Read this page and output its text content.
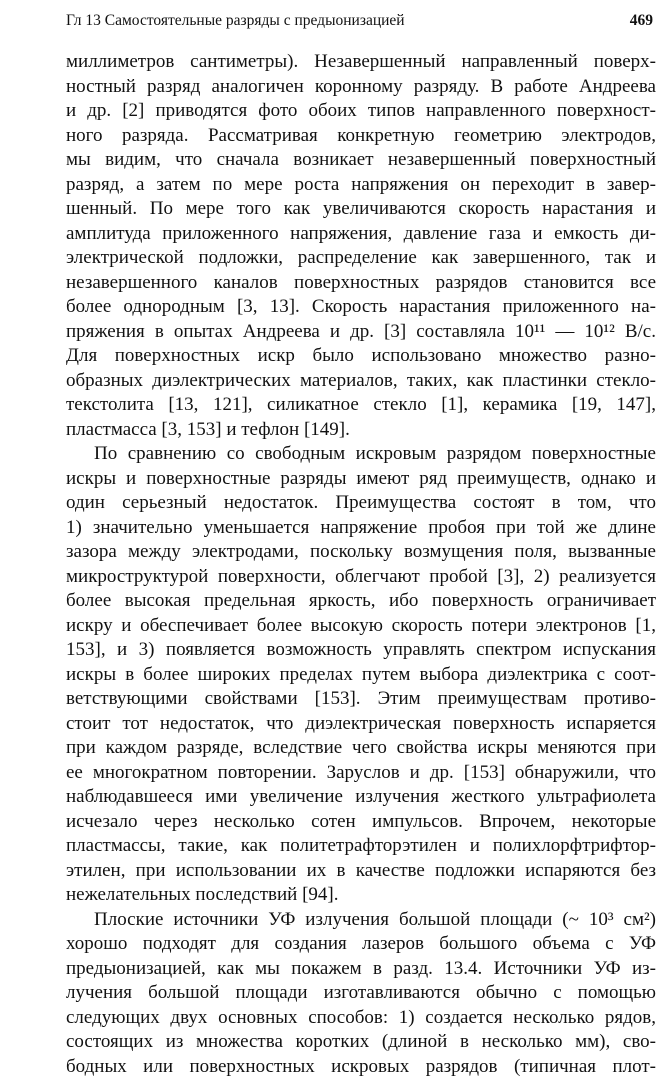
Гл 13 Самостоятельные разряды с предыонизацией	469
миллиметров сантиметры). Незавершенный направленный поверх-
ностный разряд аналогичен коронному разряду. В работе Андреева
и др. [2] приводятся фото обоих типов направленного поверхност-
ного разряда. Рассматривая конкретную геометрию электродов,
мы видим, что сначала возникает незавершенный поверхностный
разряд, а затем по мере роста напряжения он переходит в завер-
шенный. По мере того как увеличиваются скорость нарастания и
амплитуда приложенного напряжения, давление газа и емкость ди-
электрической подложки, распределение как завершенного, так и
незавершенного каналов поверхностных разрядов становится все
более однородным [3, 13]. Скорость нарастания приложенного на-
пряжения в опытах Андреева и др. [3] составляла 10¹¹ — 10¹² В/с.
Для поверхностных искр было использовано множество разно-
образных диэлектрических материалов, таких, как пластинки стекло-
текстолита [13, 121], силикатное стекло [1], керамика [19, 147],
пластмасса [3, 153] и тефлон [149].
По сравнению со свободным искровым разрядом поверхностные
искры и поверхностные разряды имеют ряд преимуществ, однако и
один серьезный недостаток. Преимущества состоят в том, что
1) значительно уменьшается напряжение пробоя при той же длине
зазора между электродами, поскольку возмущения поля, вызванные
микроструктурой поверхности, облегчают пробой [3], 2) реализуется
более высокая предельная яркость, ибо поверхность ограничивает
искру и обеспечивает более высокую скорость потери электронов [1,
153], и 3) появляется возможность управлять спектром испускания
искры в более широких пределах путем выбора диэлектрика с соот-
ветствующими свойствами [153]. Этим преимуществам противо-
стоит тот недостаток, что диэлектрическая поверхность испаряется
при каждом разряде, вследствие чего свойства искры меняются при
ее многократном повторении. Заруслов и др. [153] обнаружили, что
наблюдавшееся ими увеличение излучения жесткого ультрафиолета
исчезало через несколько сотен импульсов. Впрочем, некоторые
пластмассы, такие, как политетрафторэтилен и полихлорфтрифтор-
этилен, при использовании их в качестве подложки испаряются без
нежелательных последствий [94].
Плоские источники УФ излучения большой площади (~ 10³ см²)
хорошо подходят для создания лазеров большого объема с УФ
предыонизацией, как мы покажем в разд. 13.4. Источники УФ из-
лучения большой площади изготавливаются обычно с помощью
следующих двух основных способов: 1) создается несколько рядов,
состоящих из множества коротких (длиной в несколько мм), сво-
бодных или поверхностных искровых разрядов (типичная плот-
